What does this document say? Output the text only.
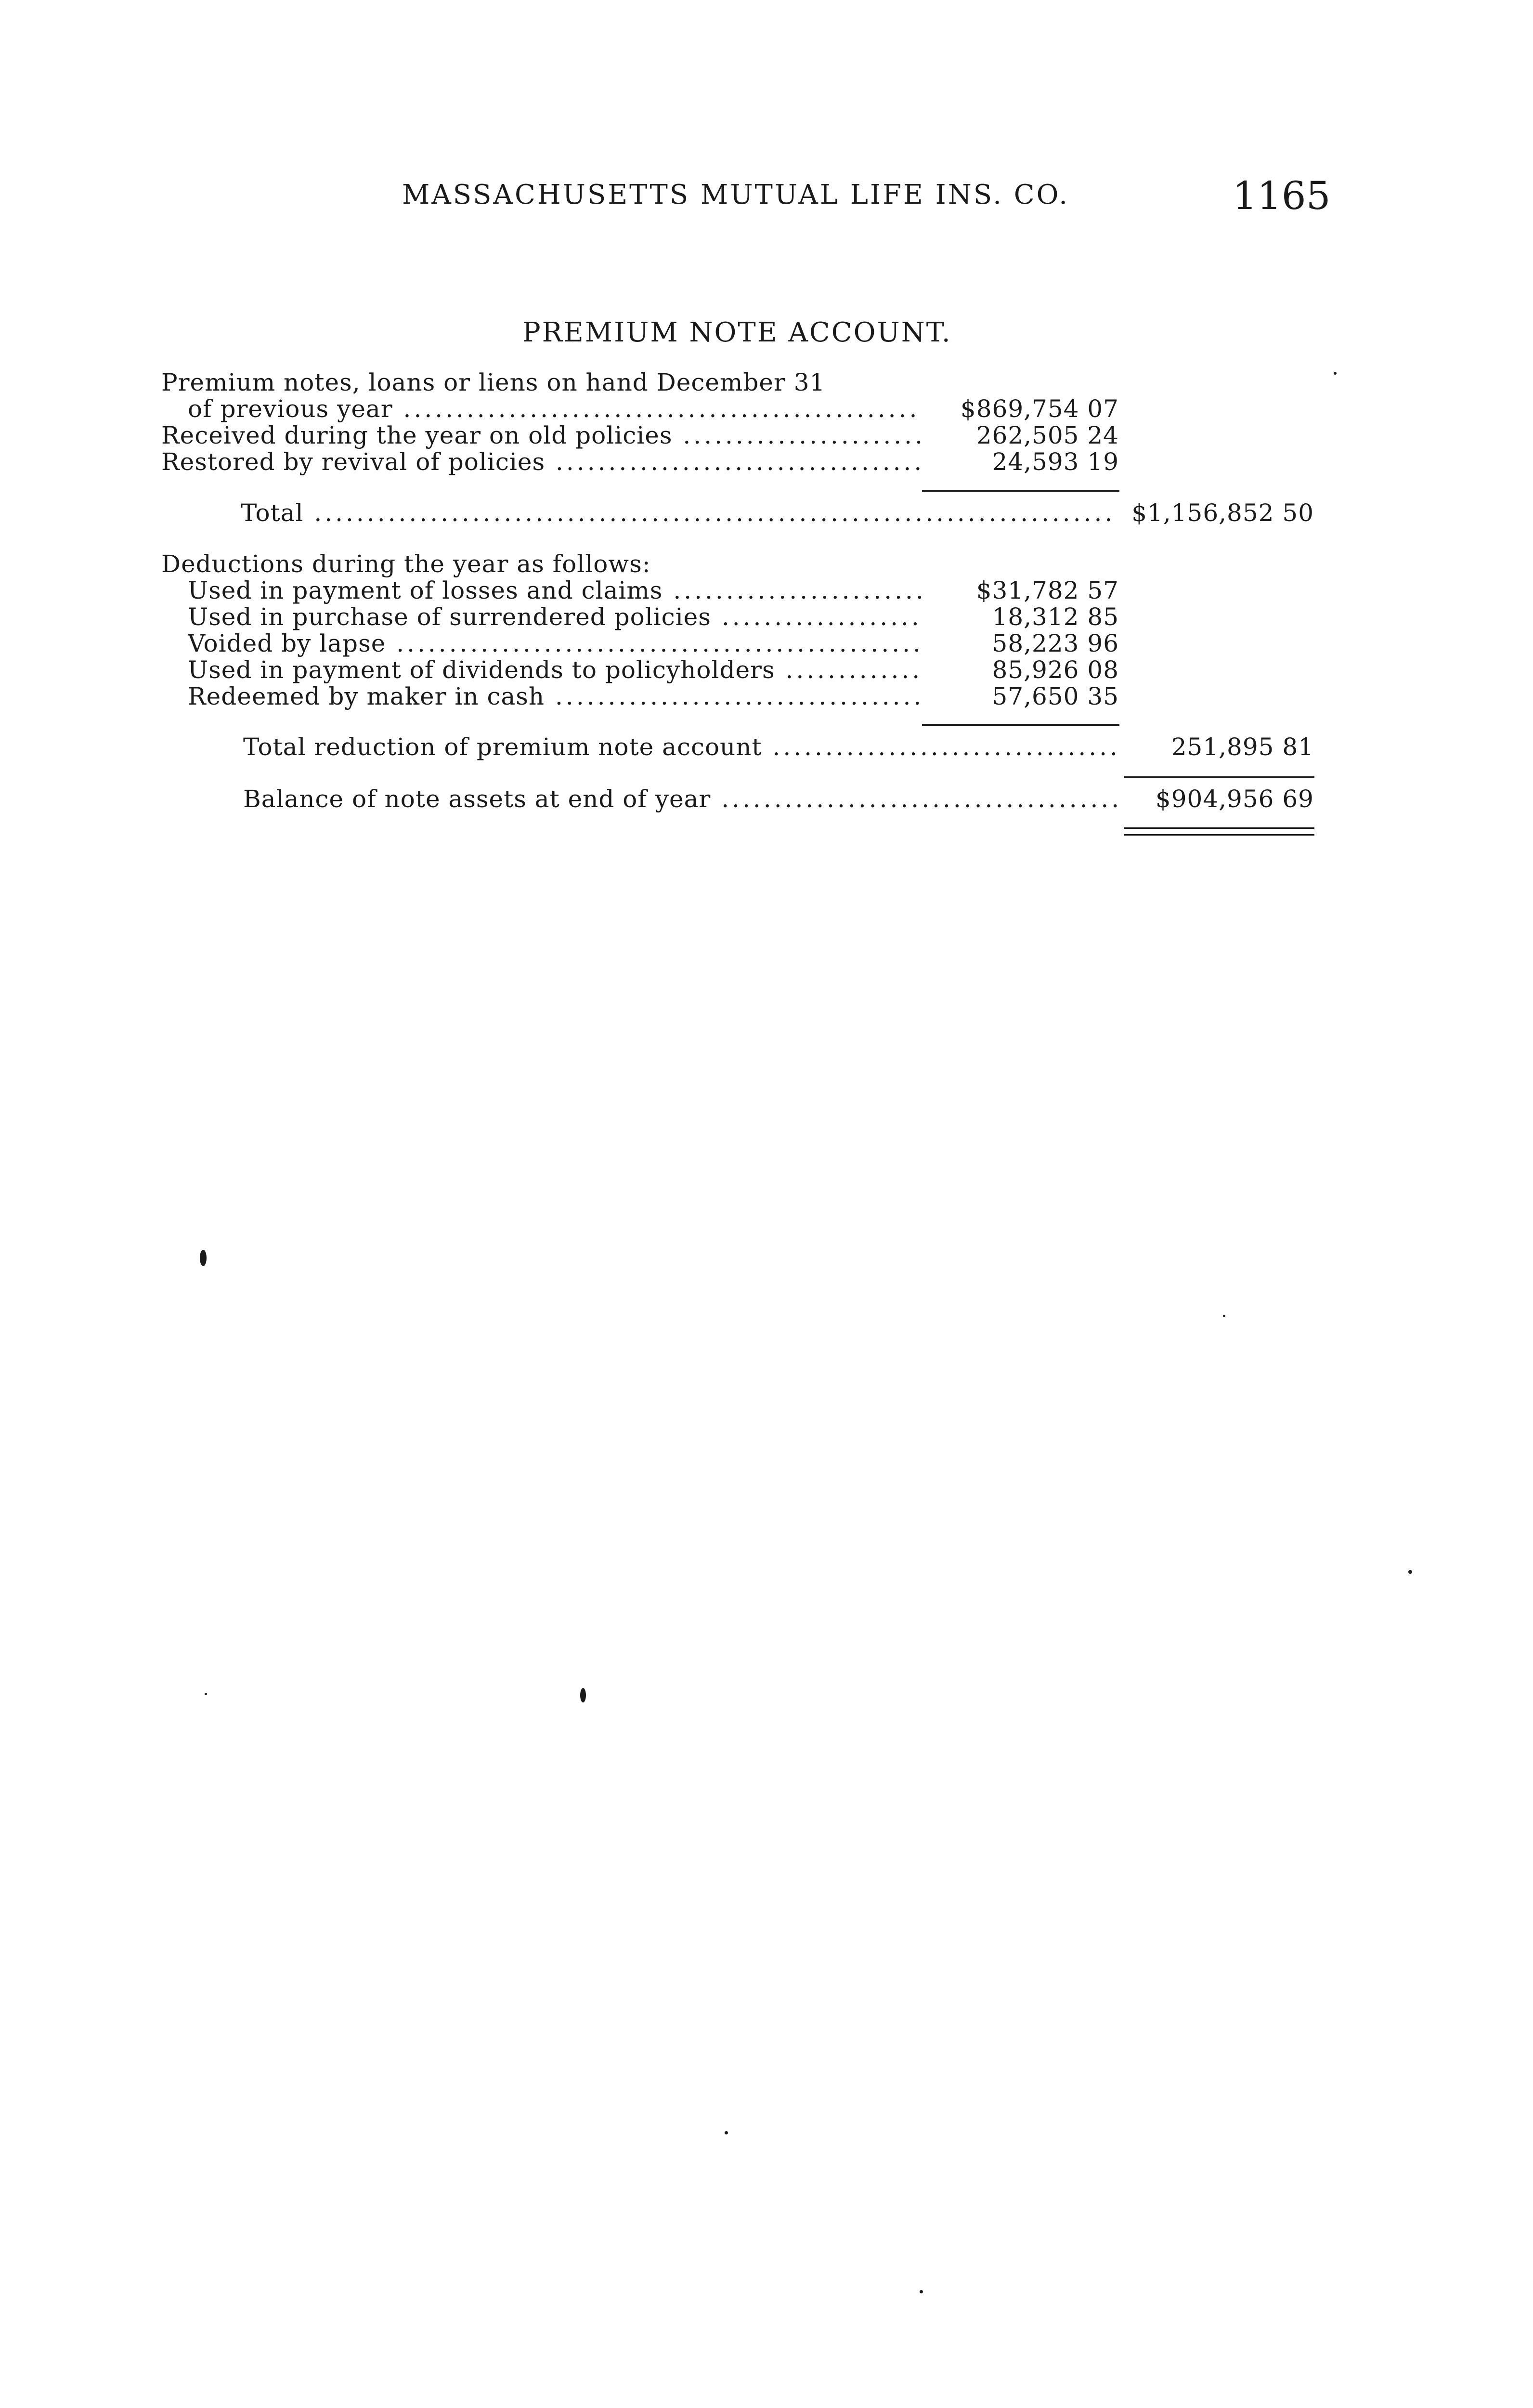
MASSACHUSETTS MUTUAL LIFE INS. CO.	1165
PREMIUM NOTE ACCOUNT.
Premium notes, loans or liens on hand December 31
of previous year .....	$869,754 07
Received during the year on old policies .....	262,505 24
Restored by revival of policies .....	24,593 19
Total .....	$1,156,852 50
Deductions during the year as follows:
Used in payment of losses and claims .....	$31,782 57
Used in purchase of surrendered policies .....	18,312 85
Voided by lapse .....	58,223 96
Used in payment of dividends to policyholders .....	85,926 08
Redeemed by maker in cash .....	57,650 35
Total reduction of premium note account .....	251,895 81
Balance of note assets at end of year .....	$904,956 69
